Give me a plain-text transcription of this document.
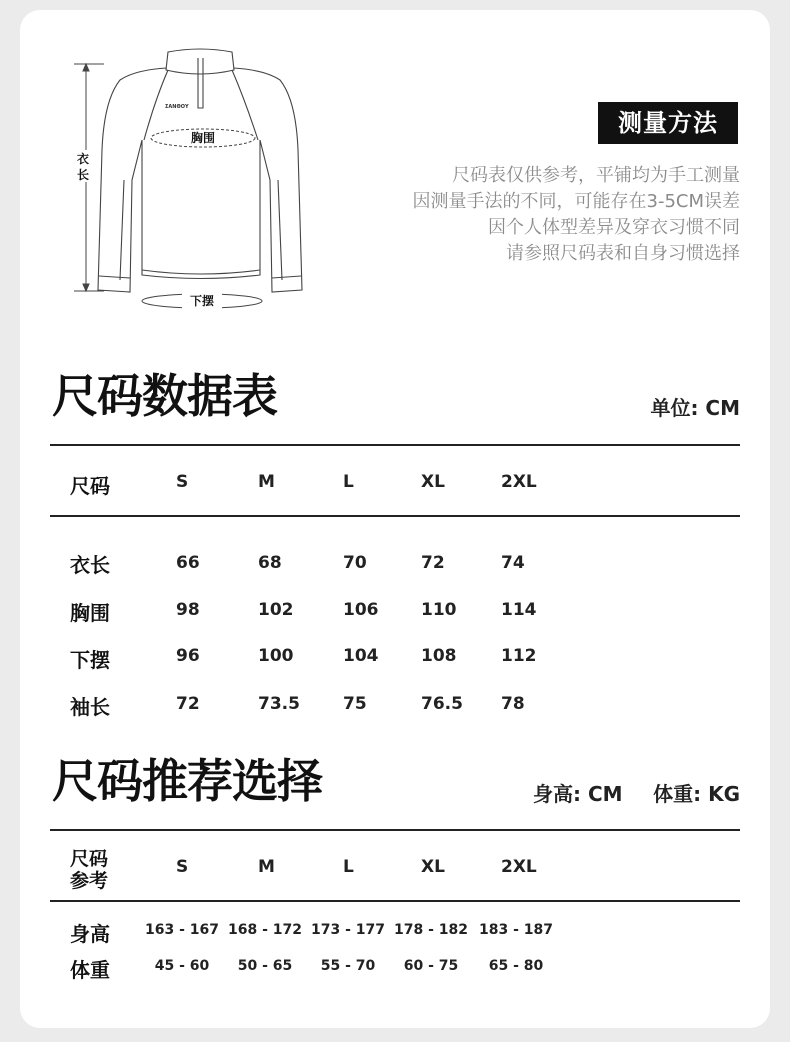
ΣΑΝΘΟΥ
胸围
下摆
衣
长
测量方法
尺码表仅供参考，平铺均为手工测量
因测量手法的不同，可能存在3-5CM误差
因个人体型差异及穿衣习惯不同
请参照尺码表和自身习惯选择
尺码数据表	单位: CM
尺码	S	M	L	XL	2XL
衣长	66	68	70	72	74
胸围	98	102	106	110	114
下摆	96	100	104	108	112
袖长	72	73.5	75	76.5 78
尺码推荐选择	身高: CM 体重: KG
尺码
参考
S	M	L	XL	2XL
身高 163 - 167 168 - 172 173 - 177 178 - 182 183 - 187
体重	45 - 60	50 - 65	55 - 70	60 - 75	65 - 80
